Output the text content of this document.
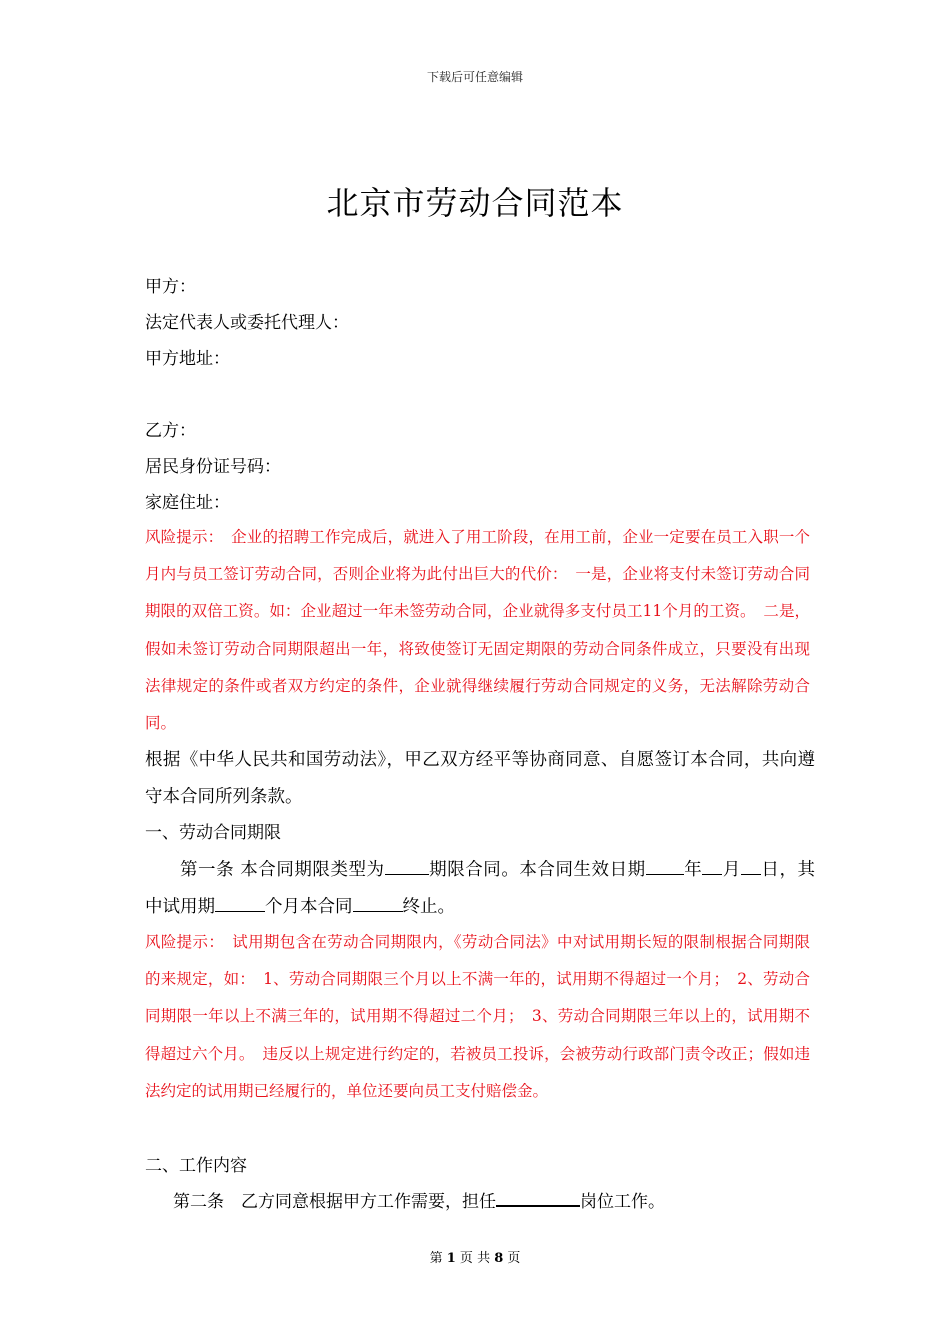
下载后可任意编辑
北京市劳动合同范本
甲方：
法定代表人或委托代理人：
甲方地址：
乙方：
居民身份证号码：
家庭住址：
风险提示：　企业的招聘工作完成后，就进入了用工阶段，在用工前，企业一定要在员工入职一个月内与员工签订劳动合同，否则企业将为此付出巨大的代价：　一是，企业将支付未签订劳动合同期限的双倍工资。如：企业超过一年未签劳动合同，企业就得多支付员工11个月的工资。　二是，假如未签订劳动合同期限超出一年，将致使签订无固定期限的劳动合同条件成立，只要没有出现法律规定的条件或者双方约定的条件，企业就得继续履行劳动合同规定的义务，无法解除劳动合同。
根据《中华人民共和国劳动法》，甲乙双方经平等协商同意、自愿签订本合同，共向遵守本合同所列条款。
一、劳动合同期限
第一条 本合同期限类型为	期限合同。本合同生效日期 年 月 日，其中试用期	个月本合同	终止。
风险提示：　试用期包含在劳动合同期限内，《劳动合同法》中对试用期长短的限制根据合同期限的来规定，如：　1、劳动合同期限三个月以上不满一年的，试用期不得超过一个月；　2、劳动合同期限一年以上不满三年的，试用期不得超过二个月；　3、劳动合同期限三年以上的，试用期不得超过六个月。　违反以上规定进行约定的，若被员工投诉，会被劳动行政部门责令改正；假如违法约定的试用期已经履行的，单位还要向员工支付赔偿金。
二、工作内容
第二条　乙方同意根据甲方工作需要，担任	岗位工作。
第 1 页 共 8 页
